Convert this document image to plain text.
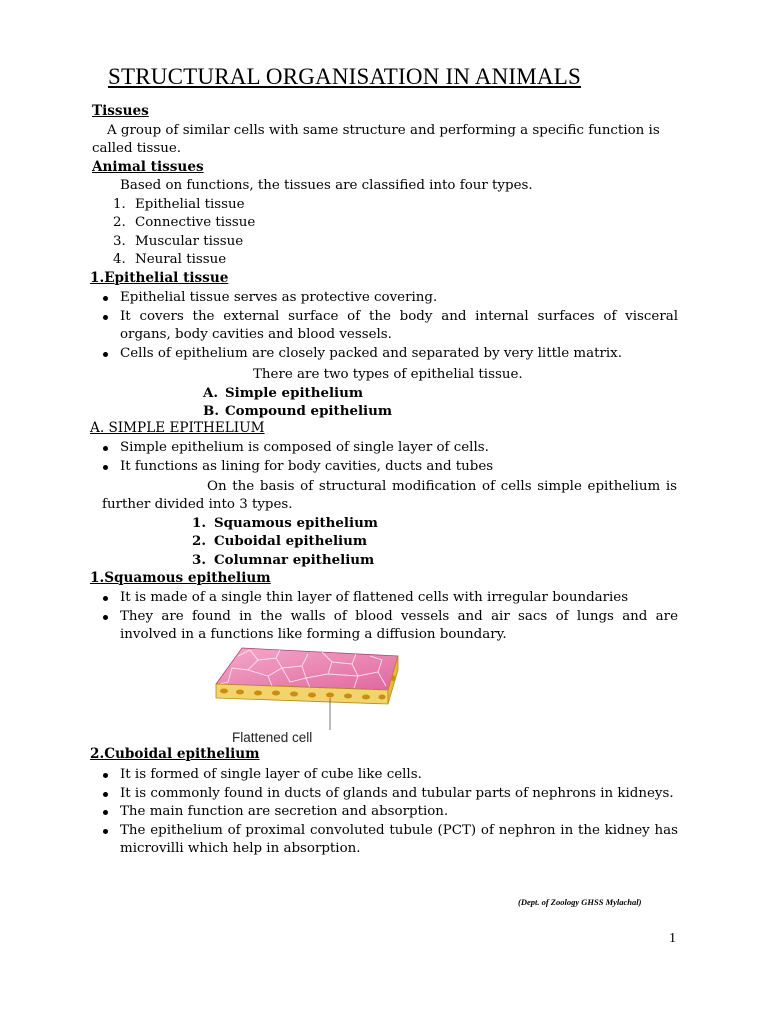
STRUCTURAL ORGANISATION IN ANIMALS
Tissues
A group of similar cells with same structure and performing a specific function is
called tissue.
Animal tissues
Based on functions, the tissues are classified into four types.
1. Epithelial tissue
2. Connective tissue
3. Muscular tissue
4. Neural tissue
1.Epithelial tissue
Epithelial tissue serves as protective covering.
It covers the external surface of the body and internal surfaces of visceral organs, body cavities and blood vessels.
Cells of epithelium are closely packed and separated by very little matrix.
There are two types of epithelial tissue.
A. Simple epithelium
B. Compound epithelium
A. SIMPLE EPITHELIUM
Simple epithelium is composed of single layer of cells.
It functions as lining for body cavities, ducts and tubes
On the basis of structural modification of cells simple epithelium is
further divided into 3 types.
1. Squamous epithelium
2. Cuboidal epithelium
3. Columnar epithelium
1.Squamous epithelium
It is made of a single thin layer of flattened cells with irregular boundaries
They are found in the walls of blood vessels and air sacs of lungs and are involved in a functions like forming a diffusion boundary.
Flattened cell
2.Cuboidal epithelium
It is formed of single layer of cube like cells.
It is commonly found in ducts of glands and tubular parts of nephrons in kidneys.
The main function are secretion and absorption.
The epithelium of proximal convoluted tubule (PCT) of nephron in the kidney has microvilli which help in absorption.
(Dept. of Zoology GHSS Mylachal)
1
